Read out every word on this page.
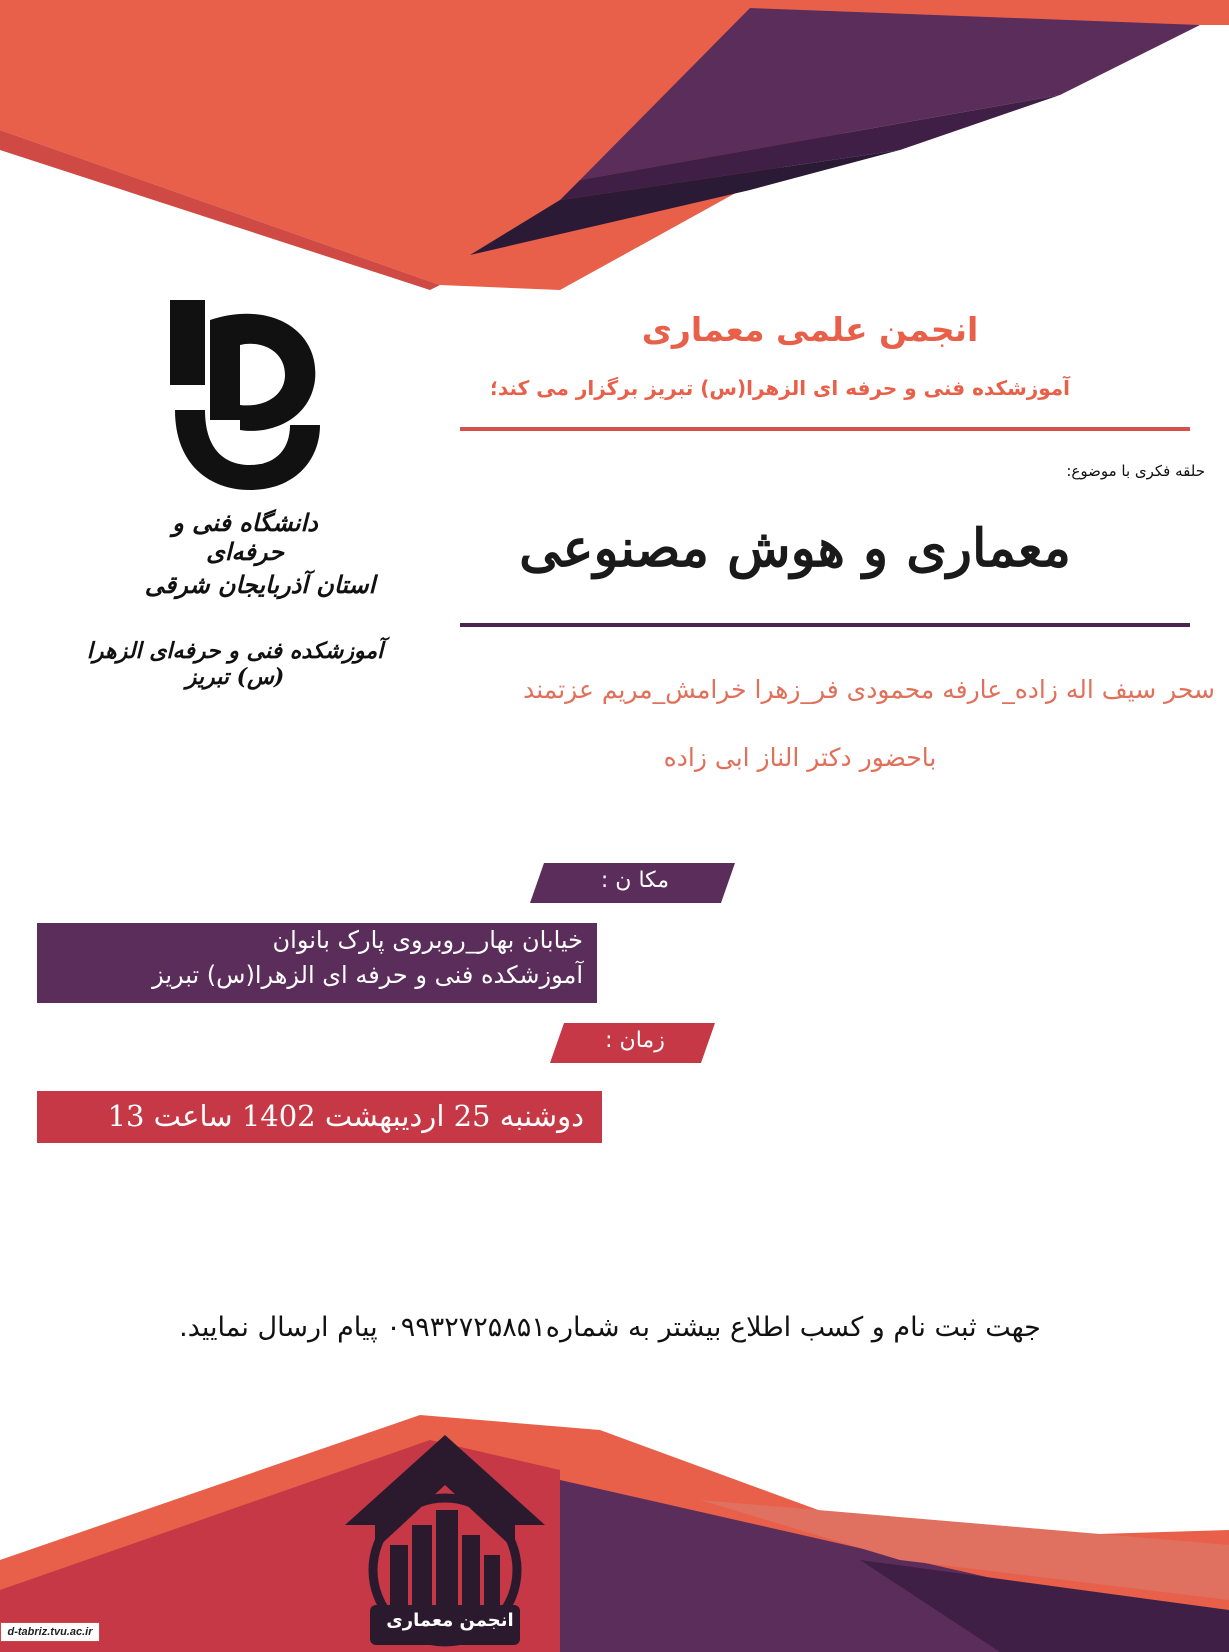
انجمن علمی معماری
آموزشکده فنی و حرفه ای الزهرا(س) تبریز برگزار می کند؛
حلقه فکری با موضوع:
معماری و هوش مصنوعی
سحر سیف اله زاده_عارفه محمودی فر_زهرا خرامش_مریم عزتمند
باحضور دکتر الناز ابی زاده
دانشگاه فنی و حرفه‌ای
استان آذربایجان شرقی
آموزشکده فنی و حرفه‌ای الزهرا (س) تبریز
مکا ن :
خیابان بهار_روبروی پارک بانوان
آموزشکده فنی و حرفه ای الزهرا(س) تبریز
زمان :
دوشنبه 25 اردیبهشت 1402 ساعت 13
جهت ثبت نام و کسب اطلاع بیشتر به شماره۰۹۹۳۲۷۲۵۸۵۱ پیام ارسال نمایید.
انجمن معماری
d-tabriz.tvu.ac.ir
